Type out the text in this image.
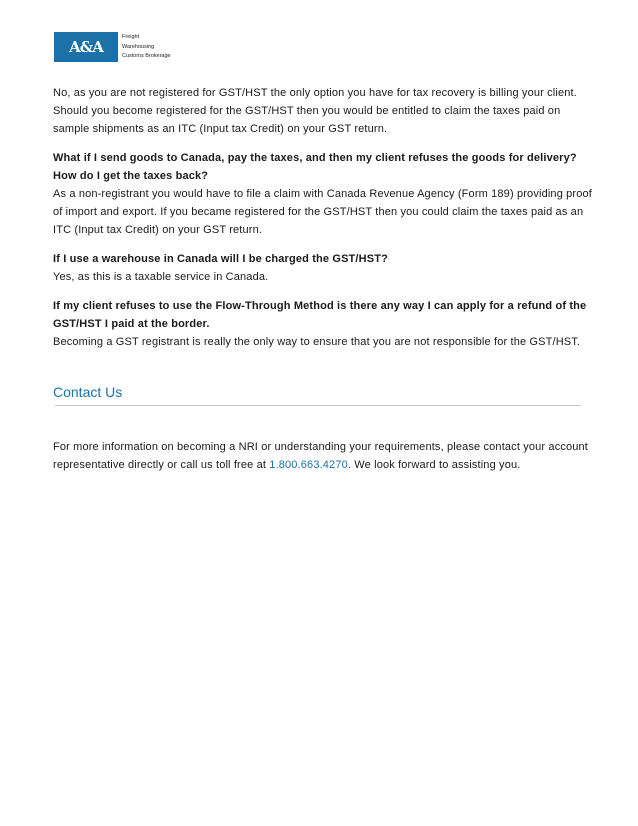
A&A
Freight
Warehousing
Customs Brokerage

No, as you are not registered for GST/HST the only option you have for tax recovery is billing your client. Should you become registered for the GST/HST then you would be entitled to claim the taxes paid on sample shipments as an ITC (Input tax Credit) on your GST return.

What if I send goods to Canada, pay the taxes, and then my client refuses the goods for delivery? How do I get the taxes back?

As a non-registrant you would have to file a claim with Canada Revenue Agency (Form 189) providing proof of import and export. If you became registered for the GST/HST then you could claim the taxes paid as an ITC (Input tax Credit) on your GST return.

If I use a warehouse in Canada will I be charged the GST/HST?

Yes, as this is a taxable service in Canada.

If my client refuses to use the Flow-Through Method is there any way I can apply for a refund of the GST/HST I paid at the border.

Becoming a GST registrant is really the only way to ensure that you are not responsible for the GST/HST.

Contact Us

For more information on becoming a NRI or understanding your requirements, please contact your account representative directly or call us toll free at 1.800.663.4270. We look forward to assisting you.
